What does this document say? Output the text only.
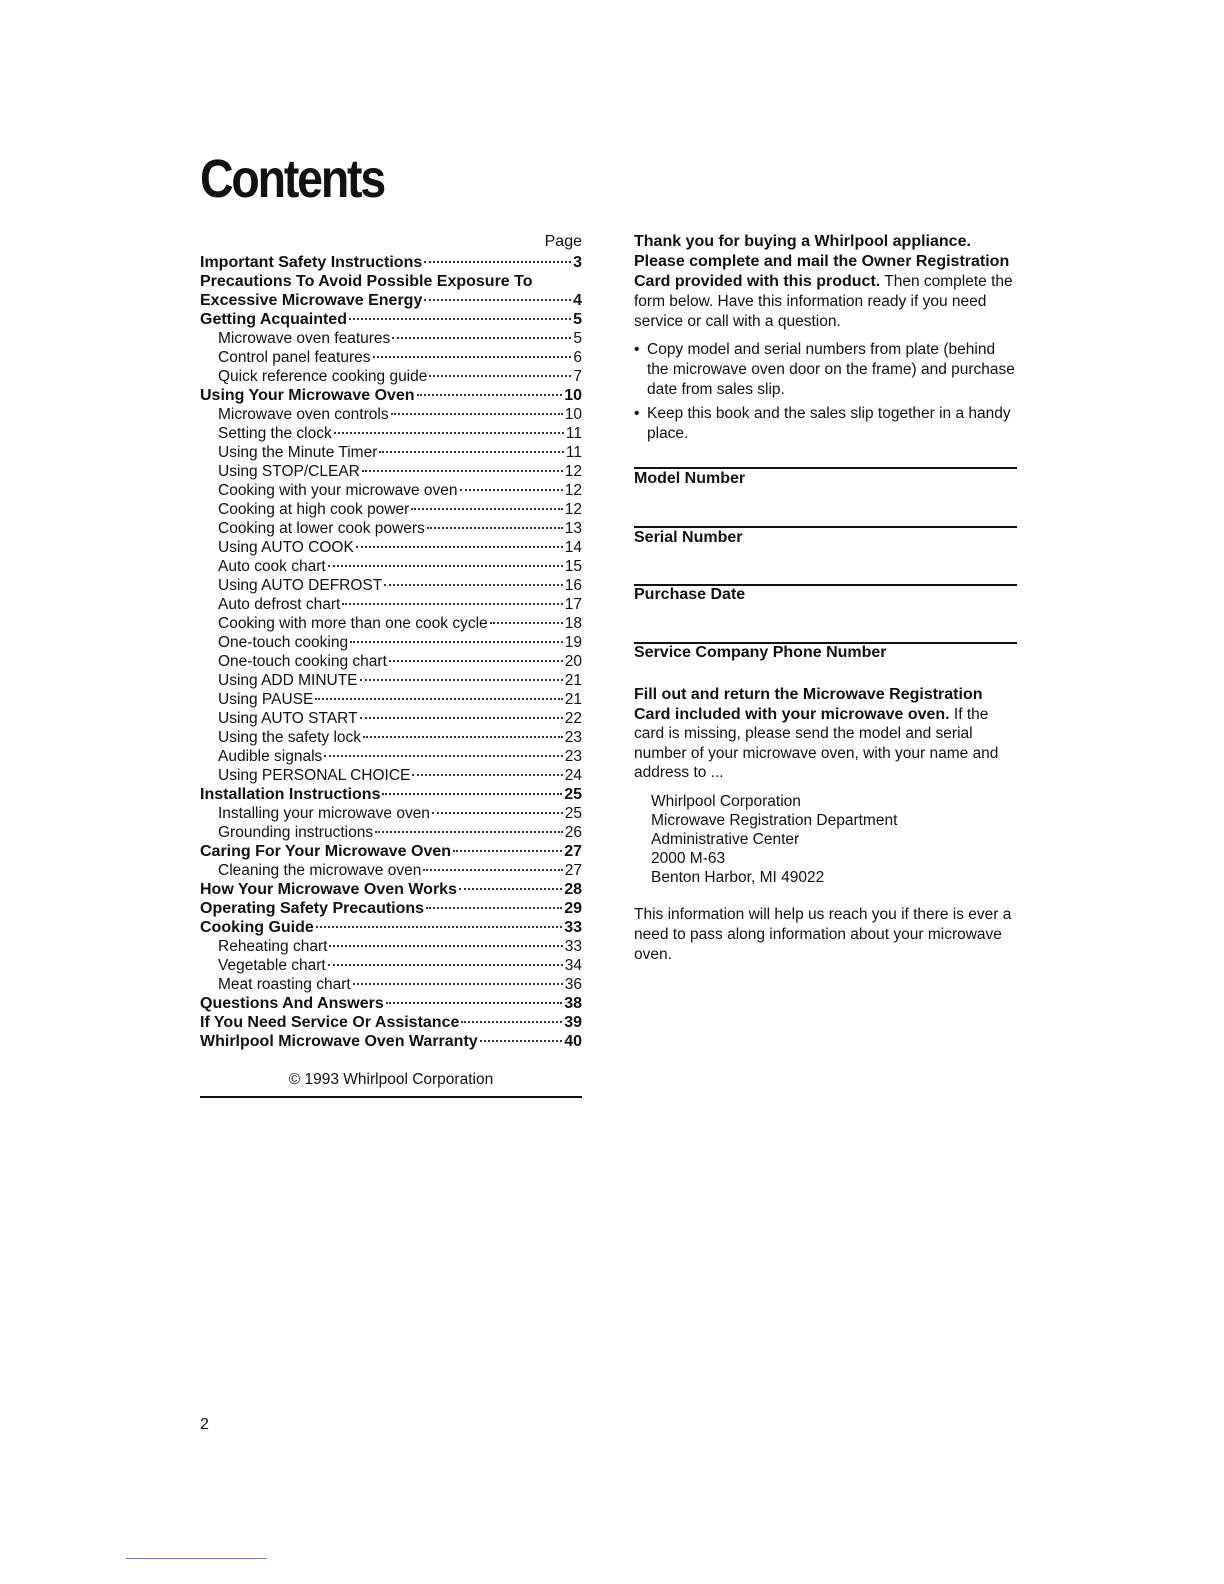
Contents
Page
Important Safety Instructions	3
Precautions To Avoid Possible Exposure To
Excessive Microwave Energy	4
Getting Acquainted	5
Microwave oven features	5
Control panel features	6
Quick reference cooking guide	7
Using Your Microwave Oven	10
Microwave oven controls	10
Setting the clock	11
Using the Minute Timer	11
Using STOP/CLEAR	12
Cooking with your microwave oven	12
Cooking at high cook power	12
Cooking at lower cook powers	13
Using AUTO COOK	14
Auto cook chart	15
Using AUTO DEFROST	16
Auto defrost chart	17
Cooking with more than one cook cycle	18
One-touch cooking	19
One-touch cooking chart	20
Using ADD MINUTE	21
Using PAUSE	21
Using AUTO START	22
Using the safety lock	23
Audible signals	23
Using PERSONAL CHOICE	24
Installation Instructions	25
Installing your microwave oven	25
Grounding instructions	26
Caring For Your Microwave Oven	27
Cleaning the microwave oven	27
How Your Microwave Oven Works	28
Operating Safety Precautions	29
Cooking Guide	33
Reheating chart	33
Vegetable chart	34
Meat roasting chart	36
Questions And Answers	38
If You Need Service Or Assistance	39
Whirlpool Microwave Oven Warranty	40
© 1993 Whirlpool Corporation

Thank you for buying a Whirlpool appliance. Please complete and mail the Owner Registration Card provided with this product. Then complete the form below. Have this information ready if you need service or call with a question.

• Copy model and serial numbers from plate (behind the microwave oven door on the frame) and purchase date from sales slip.
• Keep this book and the sales slip together in a handy place.
Model Number
Serial Number
Purchase Date
Service Company Phone Number
Fill out and return the Microwave Registration Card included with your microwave oven. If the card is missing, please send the model and serial number of your microwave oven, with your name and address to ...
Whirlpool Corporation
Microwave Registration Department
Administrative Center
2000 M-63
Benton Harbor, MI 49022
This information will help us reach you if there is ever a need to pass along information about your microwave oven.
2
